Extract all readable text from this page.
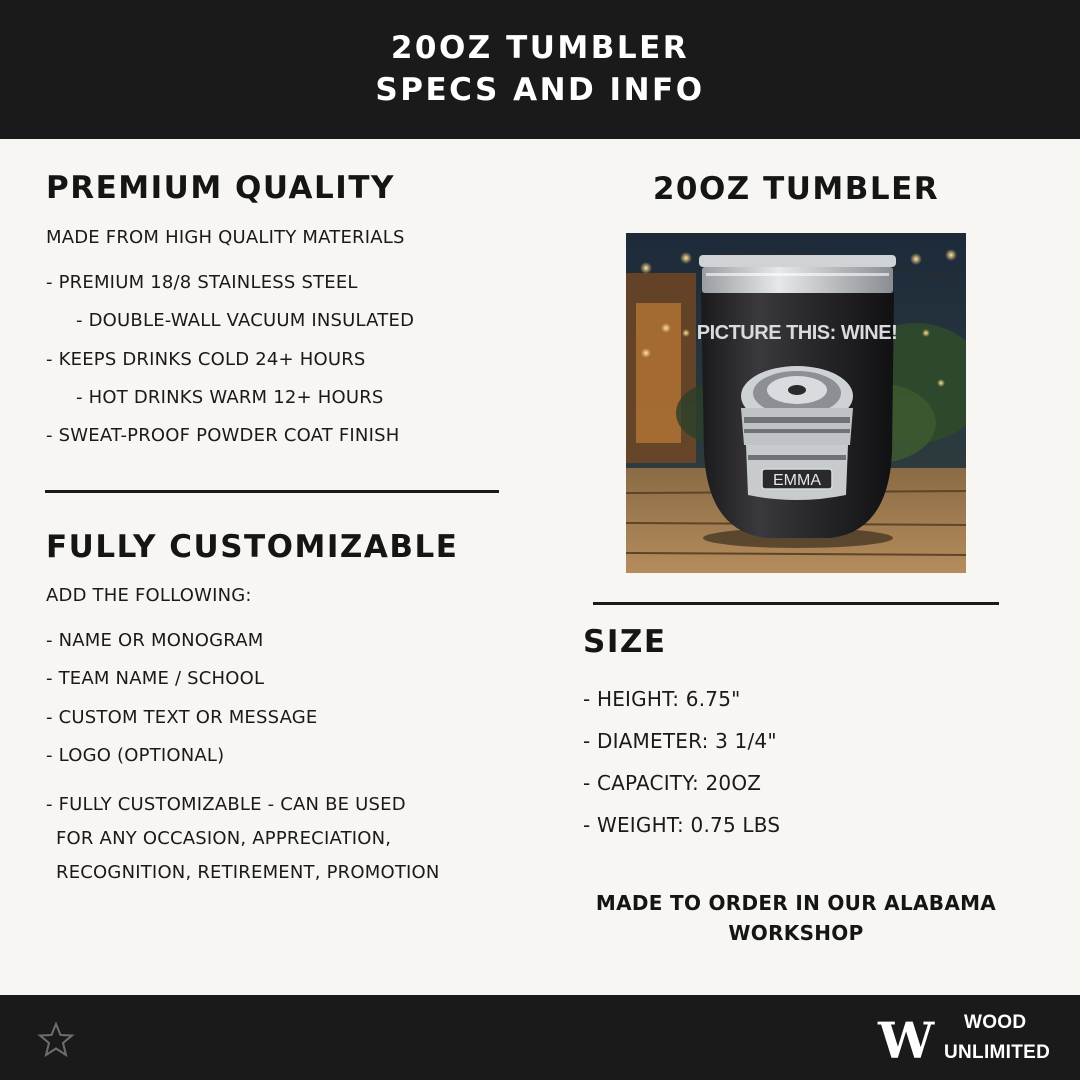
20OZ TUMBLER
SPECS AND INFO
PREMIUM QUALITY
MADE FROM HIGH QUALITY MATERIALS
- PREMIUM 18/8 STAINLESS STEEL
- DOUBLE-WALL VACUUM INSULATED
- KEEPS DRINKS COLD 24+ HOURS
- HOT DRINKS WARM 12+ HOURS
- SWEAT-PROOF POWDER COAT FINISH
FULLY CUSTOMIZABLE
ADD THE FOLLOWING:
- NAME OR MONOGRAM
- TEAM NAME / SCHOOL
- CUSTOM TEXT OR MESSAGE
- LOGO (OPTIONAL)
- FULLY CUSTOMIZABLE - CAN BE USED
FOR ANY OCCASION, APPRECIATION,
RECOGNITION, RETIREMENT, PROMOTION
20OZ TUMBLER
PICTURE THIS: WINE!
EMMA
SIZE
- HEIGHT: 6.75"
- DIAMETER: 3 1/4"
- CAPACITY: 20OZ
- WEIGHT: 0.75 LBS
MADE TO ORDER IN OUR ALABAMA
WORKSHOP
W WOOD
UNLIMITED
